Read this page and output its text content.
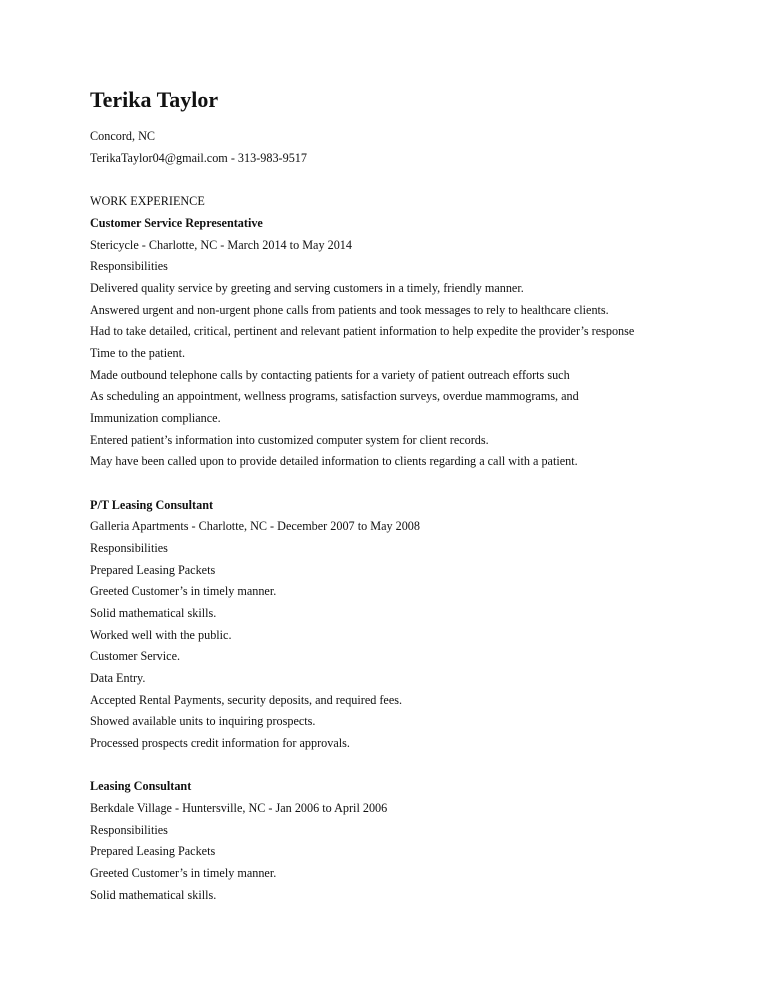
Terika Taylor
Concord, NC
TerikaTaylor04@gmail.com - 313-983-9517
WORK EXPERIENCE
Customer Service Representative
Stericycle - Charlotte, NC - March 2014 to May 2014
Responsibilities
Delivered quality service by greeting and serving customers in a timely, friendly manner.
Answered urgent and non-urgent phone calls from patients and took messages to rely to healthcare clients.
Had to take detailed, critical, pertinent and relevant patient information to help expedite the provider’s response
Time to the patient.
Made outbound telephone calls by contacting patients for a variety of patient outreach efforts such
As scheduling an appointment, wellness programs, satisfaction surveys, overdue mammograms, and
Immunization compliance.
Entered patient’s information into customized computer system for client records.
May have been called upon to provide detailed information to clients regarding a call with a patient.
P/T Leasing Consultant
Galleria Apartments - Charlotte, NC - December 2007 to May 2008
Responsibilities
Prepared Leasing Packets
Greeted Customer’s in timely manner.
Solid mathematical skills.
Worked well with the public.
Customer Service.
Data Entry.
Accepted Rental Payments, security deposits, and required fees.
Showed available units to inquiring prospects.
Processed prospects credit information for approvals.
Leasing Consultant
Berkdale Village - Huntersville, NC - Jan 2006 to April 2006
Responsibilities
Prepared Leasing Packets
Greeted Customer’s in timely manner.
Solid mathematical skills.
